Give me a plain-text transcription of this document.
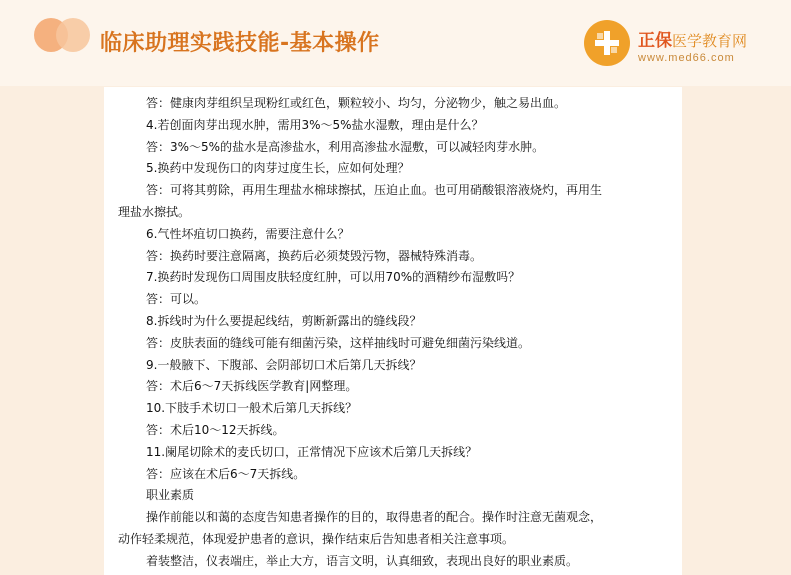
临床助理实践技能-基本操作	正保医学教育网
www.med66.com
答：健康肉芽组织呈现粉红或红色，颗粒较小、均匀，分泌物少，触之易出血。
4.若创面肉芽出现水肿，需用3%～5%盐水湿敷，理由是什么？
答：3%～5%的盐水是高渗盐水，利用高渗盐水湿敷，可以减轻肉芽水肿。
5.换药中发现伤口的肉芽过度生长，应如何处理？
答：可将其剪除，再用生理盐水棉球擦拭，压迫止血。也可用硝酸银溶液烧灼，再用生
理盐水擦拭。
6.气性坏疽切口换药，需要注意什么？
答：换药时要注意隔离，换药后必须焚毁污物，器械特殊消毒。
7.换药时发现伤口周围皮肤轻度红肿，可以用70%的酒精纱布湿敷吗？
答：可以。
8.拆线时为什么要提起线结，剪断新露出的缝线段？
答：皮肤表面的缝线可能有细菌污染，这样抽线时可避免细菌污染线道。
9.一般腋下、下腹部、会阴部切口术后第几天拆线？
答：术后6～7天拆线医学教育|网整理。
10.下肢手术切口一般术后第几天拆线？
答：术后10～12天拆线。
11.阑尾切除术的麦氏切口，正常情况下应该术后第几天拆线？
答：应该在术后6～7天拆线。
职业素质
操作前能以和蔼的态度告知患者操作的目的，取得患者的配合。操作时注意无菌观念，
动作轻柔规范，体现爱护患者的意识，操作结束后告知患者相关注意事项。
着装整洁，仪表端庄，举止大方，语言文明，认真细致，表现出良好的职业素质。
